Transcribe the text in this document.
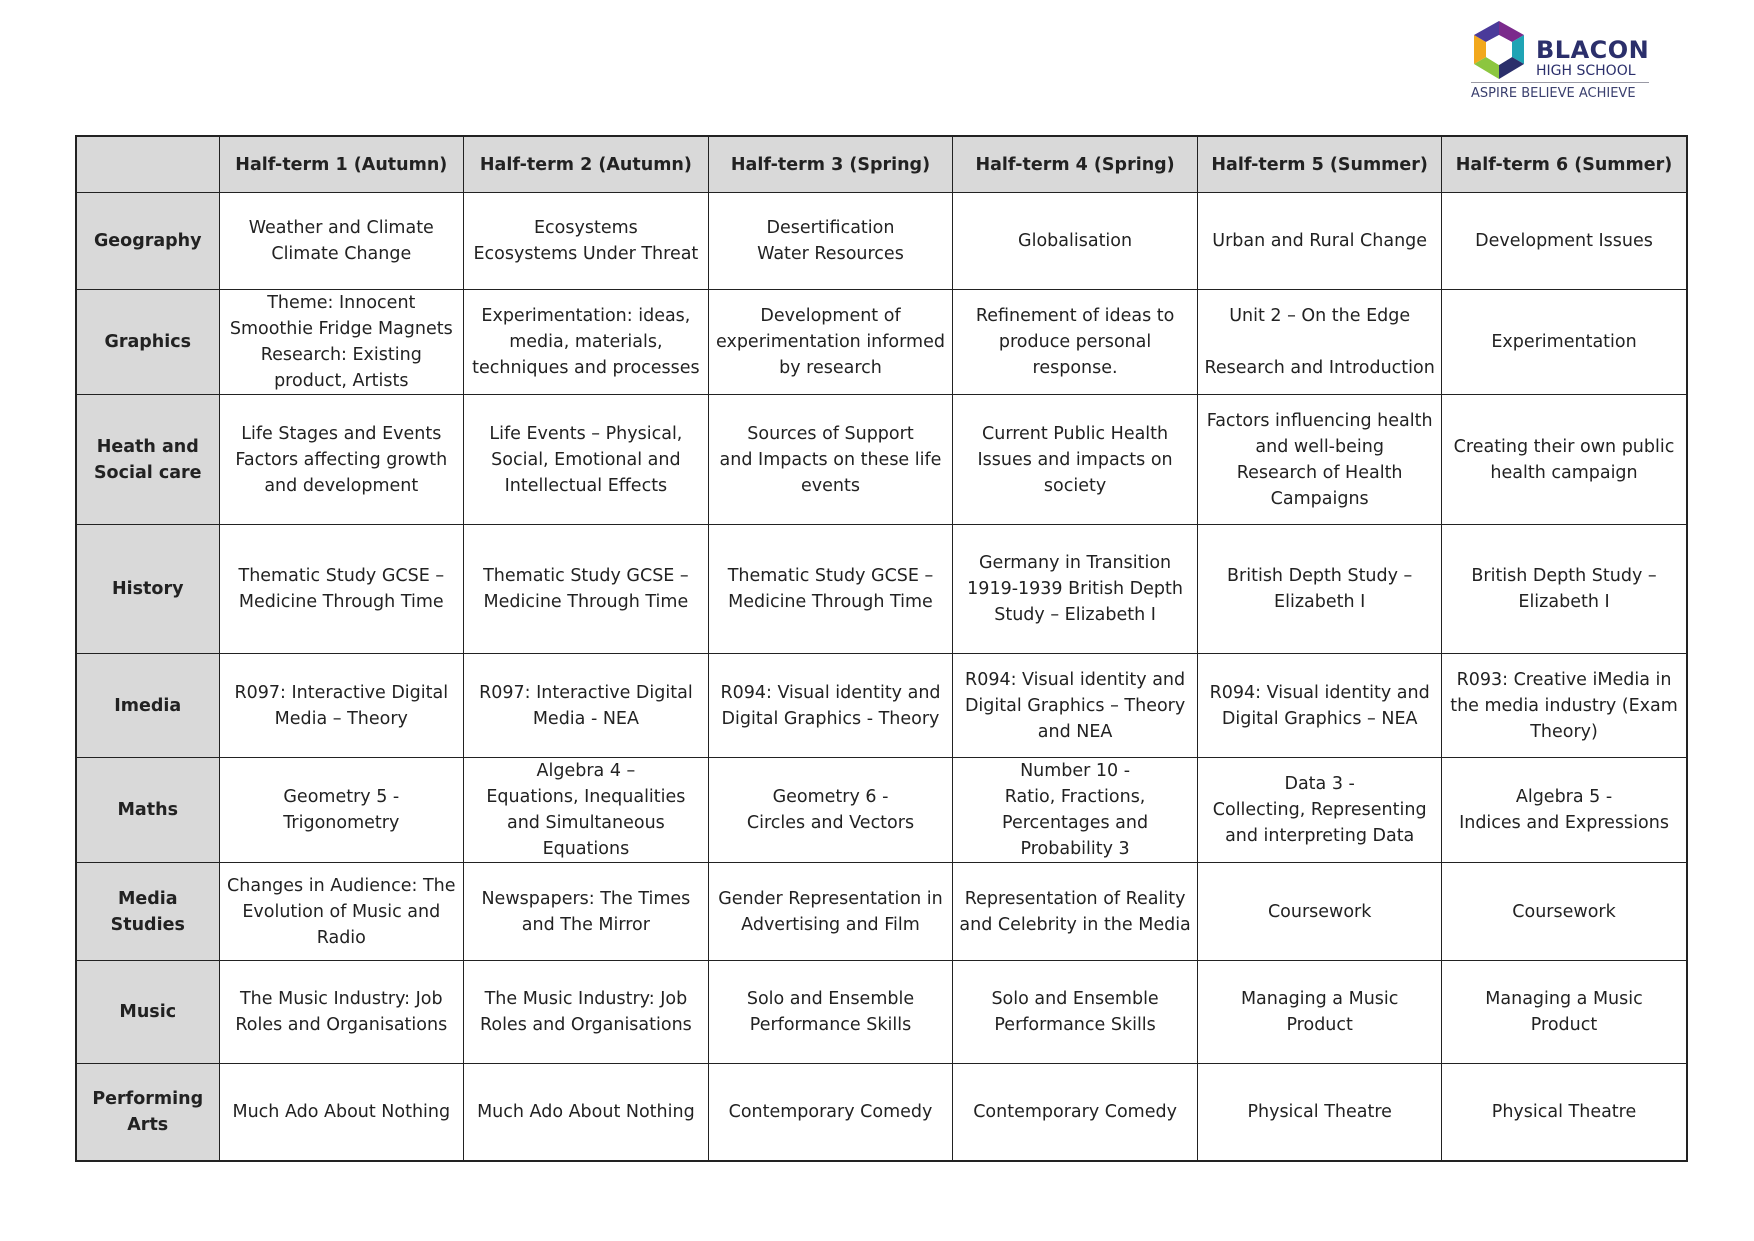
BLACON
HIGH SCHOOL
ASPIRE BELIEVE ACHIEVE
	Half-term 1 (Autumn)	Half-term 2 (Autumn)	Half-term 3 (Spring)	Half-term 4 (Spring)	Half-term 5 (Summer)	Half-term 6 (Summer)
Geography	Weather and Climate
Climate Change	Ecosystems
Ecosystems Under Threat	Desertification
Water Resources	Globalisation	Urban and Rural Change	Development Issues
Graphics	Theme: Innocent
Smoothie Fridge Magnets
Research: Existing
product, Artists	Experimentation: ideas,
media, materials,
techniques and processes	Development of
experimentation informed
by research	Refinement of ideas to
produce personal
response.	Unit 2 – On the Edge

Research and Introduction	Experimentation
Heath and
Social care	Life Stages and Events
Factors affecting growth
and development	Life Events – Physical,
Social, Emotional and
Intellectual Effects	Sources of Support
and Impacts on these life
events	Current Public Health
Issues and impacts on
society	Factors influencing health
and well-being
Research of Health
Campaigns	Creating their own public
health campaign
History	Thematic Study GCSE –
Medicine Through Time	Thematic Study GCSE –
Medicine Through Time	Thematic Study GCSE –
Medicine Through Time	Germany in Transition
1919-1939 British Depth
Study – Elizabeth I	British Depth Study –
Elizabeth I	British Depth Study –
Elizabeth I
Imedia	R097: Interactive Digital
Media – Theory	R097: Interactive Digital
Media - NEA	R094: Visual identity and
Digital Graphics - Theory	R094: Visual identity and
Digital Graphics – Theory
and NEA	R094: Visual identity and
Digital Graphics – NEA	R093: Creative iMedia in
the media industry (Exam
Theory)
Maths	Geometry 5 -
Trigonometry	Algebra 4 –
Equations, Inequalities
and Simultaneous
Equations	Geometry 6 -
Circles and Vectors	Number 10 -
Ratio, Fractions,
Percentages and
Probability 3	Data 3 -
Collecting, Representing
and interpreting Data	Algebra 5 -
Indices and Expressions
Media
Studies	Changes in Audience: The
Evolution of Music and
Radio	Newspapers: The Times
and The Mirror	Gender Representation in
Advertising and Film	Representation of Reality
and Celebrity in the Media	Coursework	Coursework
Music	The Music Industry: Job
Roles and Organisations	The Music Industry: Job
Roles and Organisations	Solo and Ensemble
Performance Skills	Solo and Ensemble
Performance Skills	Managing a Music
Product	Managing a Music
Product
Performing
Arts	Much Ado About Nothing	Much Ado About Nothing	Contemporary Comedy	Contemporary Comedy	Physical Theatre	Physical Theatre
